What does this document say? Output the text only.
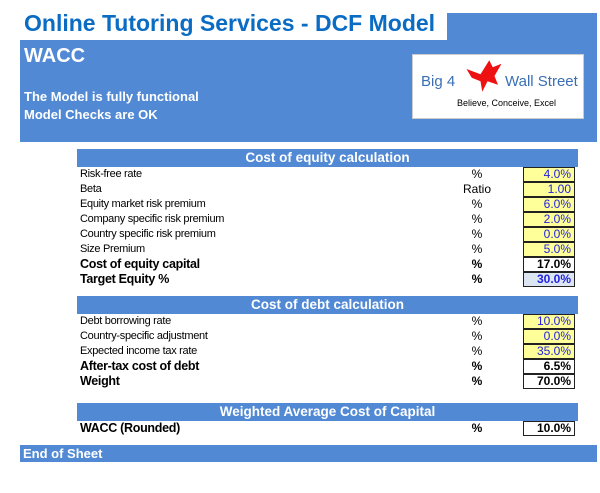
Online Tutoring Services - DCF Model
WACC
The Model is fully functional
Model Checks are OK
Big 4	Wall Street
Believe, Conceive, Excel
Cost of equity calculation
Risk-free rate	%	4.0%
Beta	Ratio	1.00
Equity market risk premium	%	6.0%
Company specific risk premium	%	2.0%
Country specific risk premium	%	0.0%
Size Premium	%	5.0%
Cost of equity capital	%	17.0%
Target Equity %	%	30.0%
Cost of debt calculation
Debt borrowing rate	%	10.0%
Country-specific adjustment	%	0.0%
Expected income tax rate	%	35.0%
After-tax cost of debt	%	6.5%
Weight	%	70.0%
Weighted Average Cost of Capital
WACC (Rounded)	%	10.0%
End of Sheet
